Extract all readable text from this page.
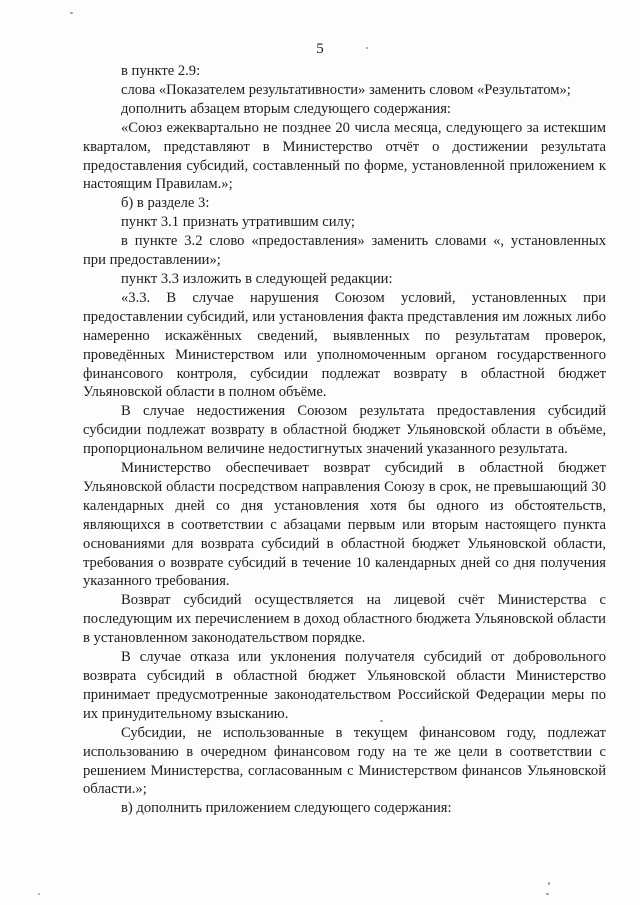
5

в пункте 2.9:

слова «Показателем результативности» заменить словом «Результатом»;

дополнить абзацем вторым следующего содержания:

«Союз ежеквартально не позднее 20 числа месяца, следующего за истекшим кварталом, представляют в Министерство отчёт о достижении результата предоставления субсидий, составленный по форме, установленной приложением к настоящим Правилам.»;

б) в разделе 3:

пункт 3.1 признать утратившим силу;

в пункте 3.2 слово «предоставления» заменить словами «, установленных при предоставлении»;

пункт 3.3 изложить в следующей редакции:

«3.3. В случае нарушения Союзом условий, установленных при предоставлении субсидий, или установления факта представления им ложных либо намеренно искажённых сведений, выявленных по результатам проверок, проведённых Министерством или уполномоченным органом государственного финансового контроля, субсидии подлежат возврату в областной бюджет Ульяновской области в полном объёме.

В случае недостижения Союзом результата предоставления субсидий субсидии подлежат возврату в областной бюджет Ульяновской области в объёме, пропорциональном величине недостигнутых значений указанного результата.

Министерство обеспечивает возврат субсидий в областной бюджет Ульяновской области посредством направления Союзу в срок, не превышающий 30 календарных дней со дня установления хотя бы одного из обстоятельств, являющихся в соответствии с абзацами первым или вторым настоящего пункта основаниями для возврата субсидий в областной бюджет Ульяновской области, требования о возврате субсидий в течение 10 календарных дней со дня получения указанного требования.

Возврат субсидий осуществляется на лицевой счёт Министерства с последующим их перечислением в доход областного бюджета Ульяновской области в установленном законодательством порядке.

В случае отказа или уклонения получателя субсидий от добровольного возврата субсидий в областной бюджет Ульяновской области Министерство принимает предусмотренные законодательством Российской Федерации меры по их принудительному взысканию.

Субсидии, не использованные в текущем финансовом году, подлежат использованию в очередном финансовом году на те же цели в соответствии с решением Министерства, согласованным с Министерством финансов Ульяновской области.»;

в) дополнить приложением следующего содержания:
